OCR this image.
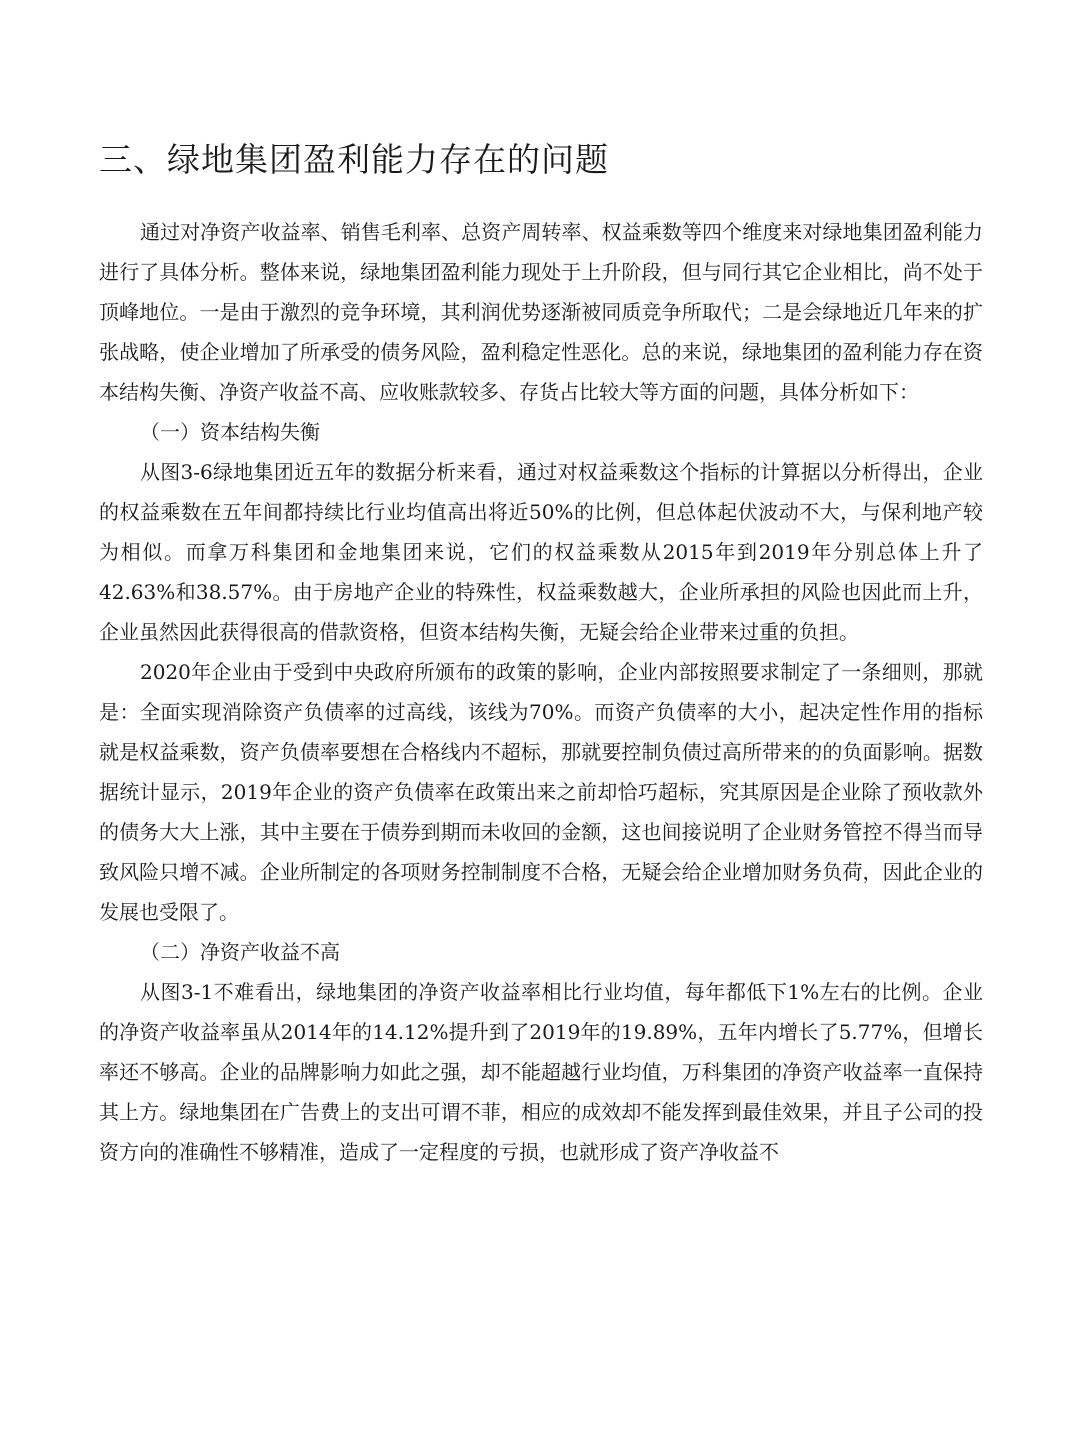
三、绿地集团盈利能力存在的问题

通过对净资产收益率、销售毛利率、总资产周转率、权益乘数等四个维度来对绿地集团盈利能力进行了具体分析。整体来说，绿地集团盈利能力现处于上升阶段，但与同行其它企业相比，尚不处于顶峰地位。一是由于激烈的竞争环境，其利润优势逐渐被同质竞争所取代；二是会绿地近几年来的扩张战略，使企业增加了所承受的债务风险，盈利稳定性恶化。总的来说，绿地集团的盈利能力存在资本结构失衡、净资产收益不高、应收账款较多、存货占比较大等方面的问题，具体分析如下：

（一）资本结构失衡

从图3-6绿地集团近五年的数据分析来看，通过对权益乘数这个指标的计算据以分析得出，企业的权益乘数在五年间都持续比行业均值高出将近50%的比例，但总体起伏波动不大，与保利地产较为相似。而拿万科集团和金地集团来说，它们的权益乘数从2015年到2019年分别总体上升了42.63%和38.57%。由于房地产企业的特殊性，权益乘数越大，企业所承担的风险也因此而上升，企业虽然因此获得很高的借款资格，但资本结构失衡，无疑会给企业带来过重的负担。

2020年企业由于受到中央政府所颁布的政策的影响，企业内部按照要求制定了一条细则，那就是：全面实现消除资产负债率的过高线，该线为70%。而资产负债率的大小，起决定性作用的指标就是权益乘数，资产负债率要想在合格线内不超标，那就要控制负债过高所带来的的负面影响。据数据统计显示，2019年企业的资产负债率在政策出来之前却恰巧超标，究其原因是企业除了预收款外的债务大大上涨，其中主要在于债券到期而未收回的金额，这也间接说明了企业财务管控不得当而导致风险只增不减。企业所制定的各项财务控制制度不合格，无疑会给企业增加财务负荷，因此企业的发展也受限了。

（二）净资产收益不高

从图3-1不难看出，绿地集团的净资产收益率相比行业均值，每年都低下1%左右的比例。企业的净资产收益率虽从2014年的14.12%提升到了2019年的19.89%，五年内增长了5.77%，但增长率还不够高。企业的品牌影响力如此之强，却不能超越行业均值，万科集团的净资产收益率一直保持其上方。绿地集团在广告费上的支出可谓不菲，相应的成效却不能发挥到最佳效果，并且子公司的投资方向的准确性不够精准，造成了一定程度的亏损，也就形成了资产净收益不
